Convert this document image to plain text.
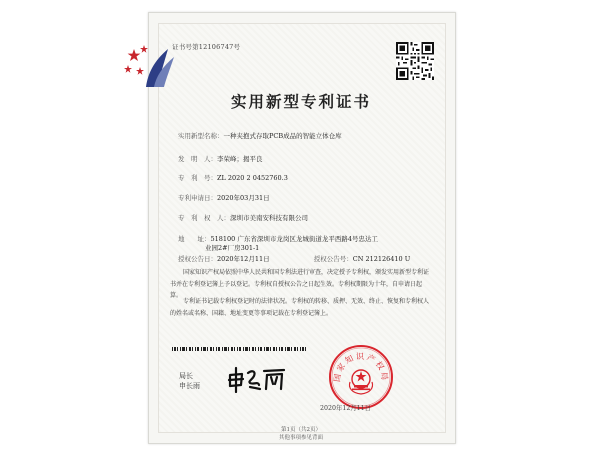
证书号第12106747号
实用新型专利证书
实用新型名称：一种夹抱式存取PCB成品的智能立体仓库
发　明　人：李荣峰；揭平良
专　利　号：ZL 2020 2 0452760.3
专利申请日：2020年03月31日
专　利　权　人：深圳市美南安科技有限公司
地　　址：518100 广东省深圳市龙岗区龙城街道龙平西路4号忠达工
业园2#厂房301-1
授权公告日：2020年12月11日	授权公告号：CN 212126410 U
国家知识产权局依照中华人民共和国专利法进行审查，决定授予专利权，颁发实用新型专利证书并在专利登记簿上予以登记。专利权自授权公告之日起生效。专利权期限为十年，自申请日起算。
专利证书记载专利权登记时的法律状况。专利权的转移、质押、无效、终止、恢复和专利权人的姓名或名称、国籍、地址变更等事项记载在专利登记簿上。
局长
申长雨
国家知识产权局
2020年12月11日
第1页（共2页）
其他事项参见背面
